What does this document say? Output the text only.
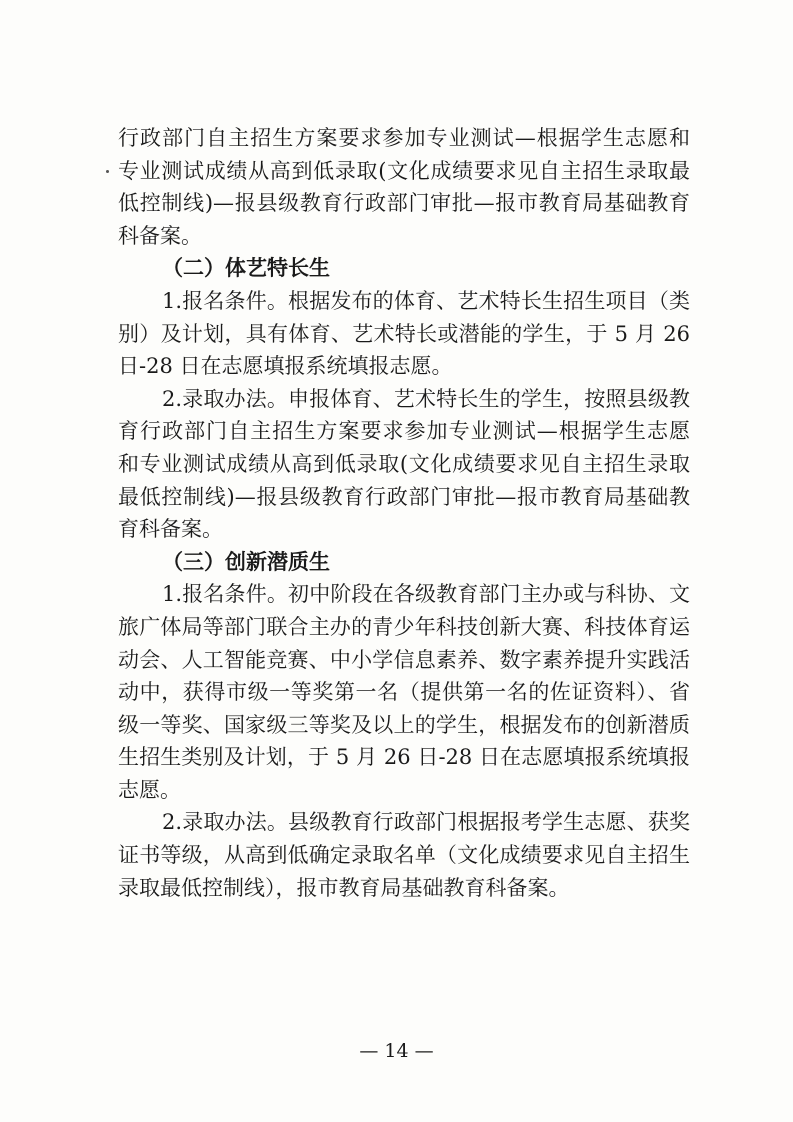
行政部门自主招生方案要求参加专业测试—根据学生志愿和

专业测试成绩从高到低录取(文化成绩要求见自主招生录取最

低控制线)—报县级教育行政部门审批—报市教育局基础教育

科备案。

（二）体艺特长生

1.报名条件。根据发布的体育、艺术特长生招生项目（类

别）及计划，具有体育、艺术特长或潜能的学生，于 5 月 26

日-28 日在志愿填报系统填报志愿。

2.录取办法。申报体育、艺术特长生的学生，按照县级教

育行政部门自主招生方案要求参加专业测试—根据学生志愿

和专业测试成绩从高到低录取(文化成绩要求见自主招生录取

最低控制线)—报县级教育行政部门审批—报市教育局基础教

育科备案。

（三）创新潜质生

1.报名条件。初中阶段在各级教育部门主办或与科协、文

旅广体局等部门联合主办的青少年科技创新大赛、科技体育运

动会、人工智能竞赛、中小学信息素养、数字素养提升实践活

动中，获得市级一等奖第一名（提供第一名的佐证资料）、省

级一等奖、国家级三等奖及以上的学生，根据发布的创新潜质

生招生类别及计划，于 5 月 26 日-28 日在志愿填报系统填报

志愿。

2.录取办法。县级教育行政部门根据报考学生志愿、获奖

证书等级，从高到低确定录取名单（文化成绩要求见自主招生

录取最低控制线），报市教育局基础教育科备案。

— 14 —
